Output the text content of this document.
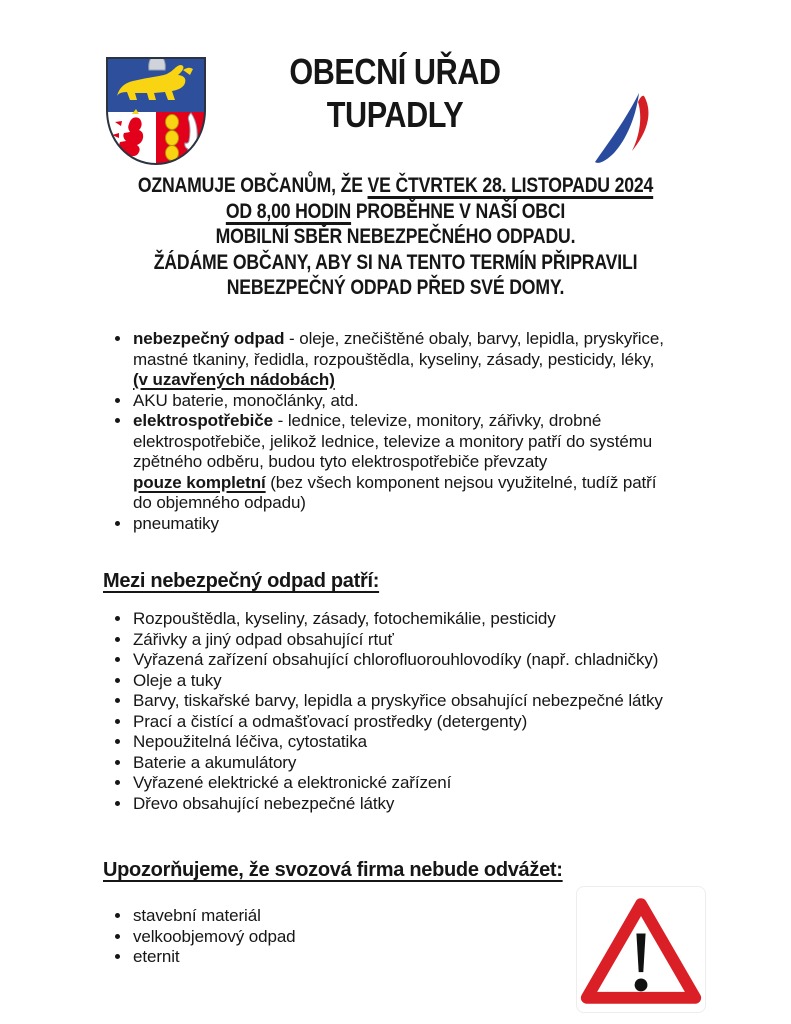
OBECNÍ UŘAD
TUPADLY
OZNAMUJE OBČANŮM, ŽE VE ČTVRTEK 28. LISTOPADU 2024
OD 8,00 HODIN PROBĚHNE V NAŠÍ OBCI
MOBILNÍ SBĚR NEBEZPEČNÉHO ODPADU.
ŽÁDÁME OBČANY, ABY SI NA TENTO TERMÍN PŘIPRAVILI
NEBEZPEČNÝ ODPAD PŘED SVÉ DOMY.
• nebezpečný odpad - oleje, znečištěné obaly, barvy, lepidla, pryskyřice,
mastné tkaniny, ředidla, rozpouštědla, kyseliny, zásady, pesticidy, léky,
(v uzavřených nádobách)
• AKU baterie, monočlánky, atd.
• elektrospotřebiče - lednice, televize, monitory, zářivky, drobné
elektrospotřebiče, jelikož lednice, televize a monitory patří do systému
zpětného odběru, budou tyto elektrospotřebiče převzaty
pouze kompletní (bez všech komponent nejsou využitelné, tudíž patří
do objemného odpadu)
• pneumatiky
Mezi nebezpečný odpad patří:
• Rozpouštědla, kyseliny, zásady, fotochemikálie, pesticidy
• Zářivky a jiný odpad obsahující rtuť
• Vyřazená zařízení obsahující chlorofluorouhlovodíky (např. chladničky)
• Oleje a tuky
• Barvy, tiskařské barvy, lepidla a pryskyřice obsahující nebezpečné látky
• Prací a čistící a odmašťovací prostředky (detergenty)
• Nepoužitelná léčiva, cytostatika
• Baterie a akumulátory
• Vyřazené elektrické a elektronické zařízení
• Dřevo obsahující nebezpečné látky
Upozorňujeme, že svozová firma nebude odvážet:
• stavební materiál
• velkoobjemový odpad
• eternit
